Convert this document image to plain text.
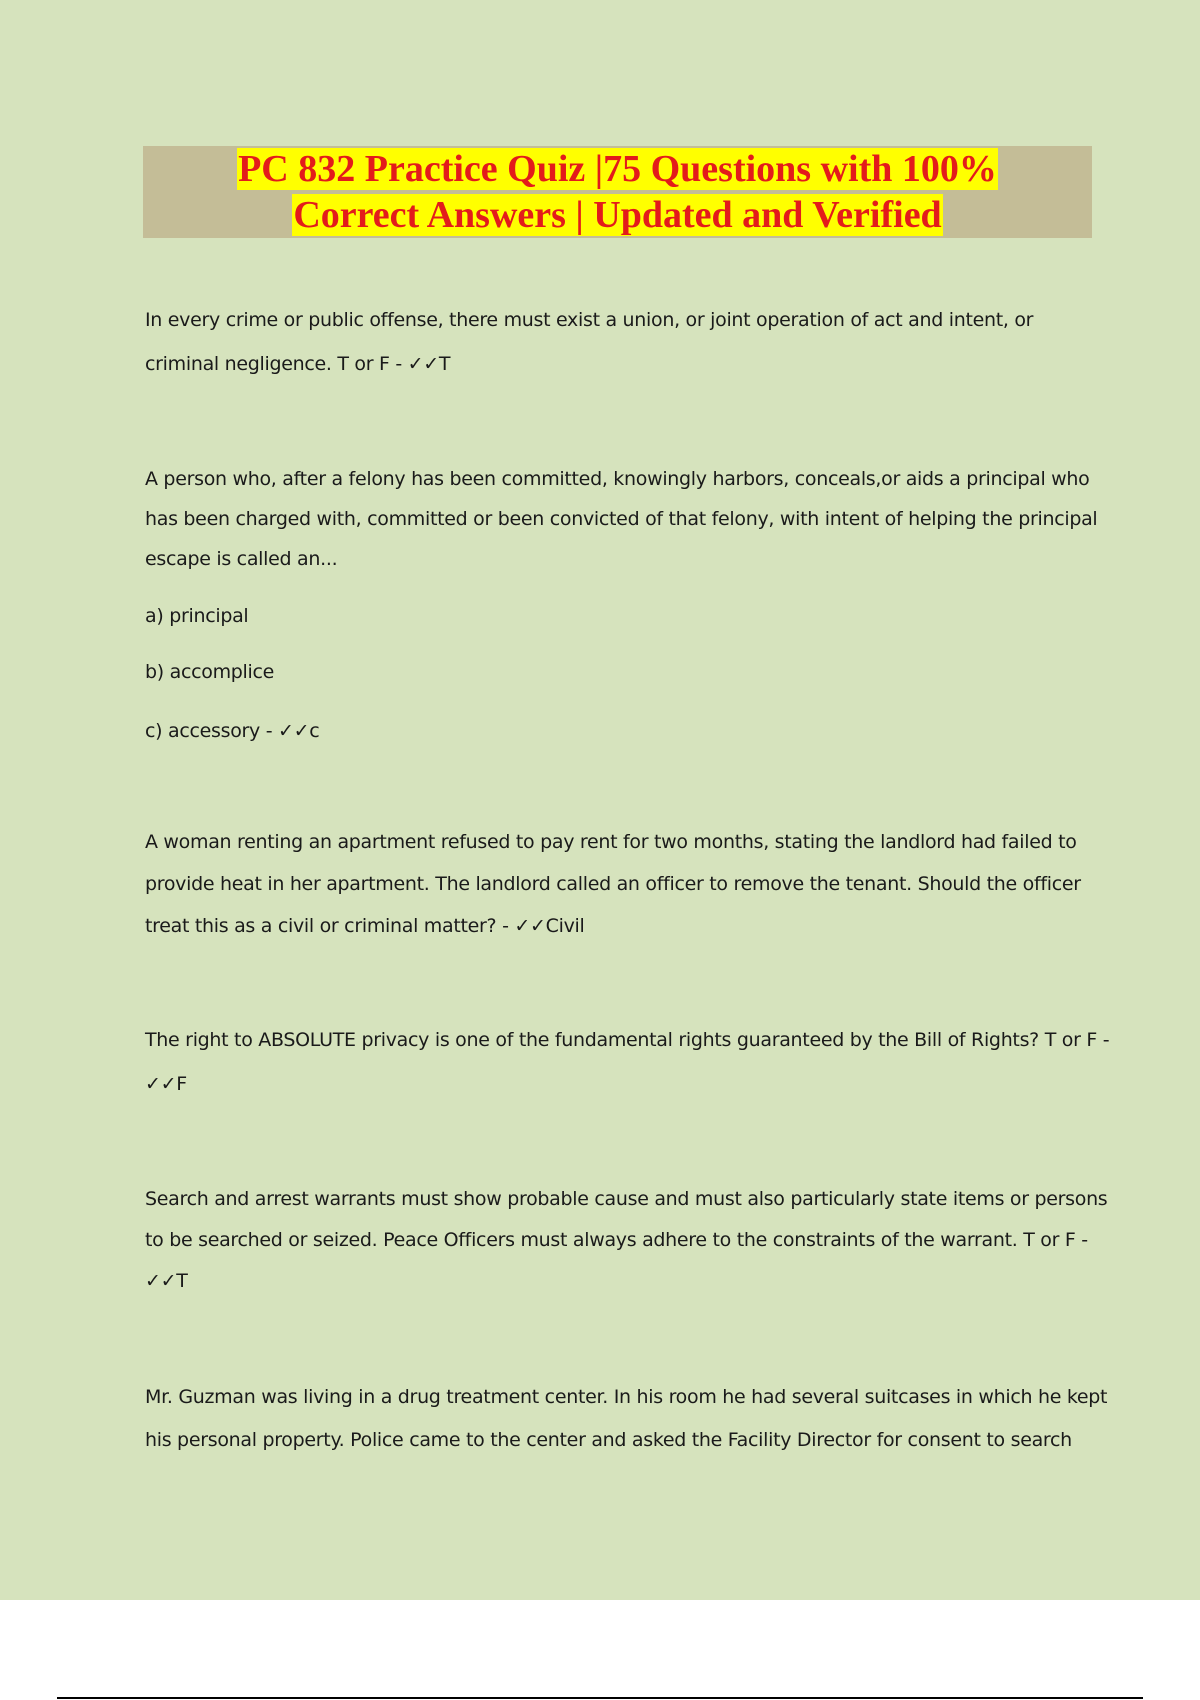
PC 832 Practice Quiz |75 Questions with 100%
Correct Answers | Updated and Verified
In every crime or public offense, there must exist a union, or joint operation of act and intent, or
criminal negligence. T or F - ✓✓T
A person who, after a felony has been committed, knowingly harbors, conceals,or aids a principal who
has been charged with, committed or been convicted of that felony, with intent of helping the principal
escape is called an...
a) principal
b) accomplice
c) accessory - ✓✓c
A woman renting an apartment refused to pay rent for two months, stating the landlord had failed to
provide heat in her apartment. The landlord called an officer to remove the tenant. Should the officer
treat this as a civil or criminal matter? - ✓✓Civil
The right to ABSOLUTE privacy is one of the fundamental rights guaranteed by the Bill of Rights? T or F -
✓✓F
Search and arrest warrants must show probable cause and must also particularly state items or persons
to be searched or seized. Peace Officers must always adhere to the constraints of the warrant. T or F -
✓✓T
Mr. Guzman was living in a drug treatment center. In his room he had several suitcases in which he kept
his personal property. Police came to the center and asked the Facility Director for consent to search
